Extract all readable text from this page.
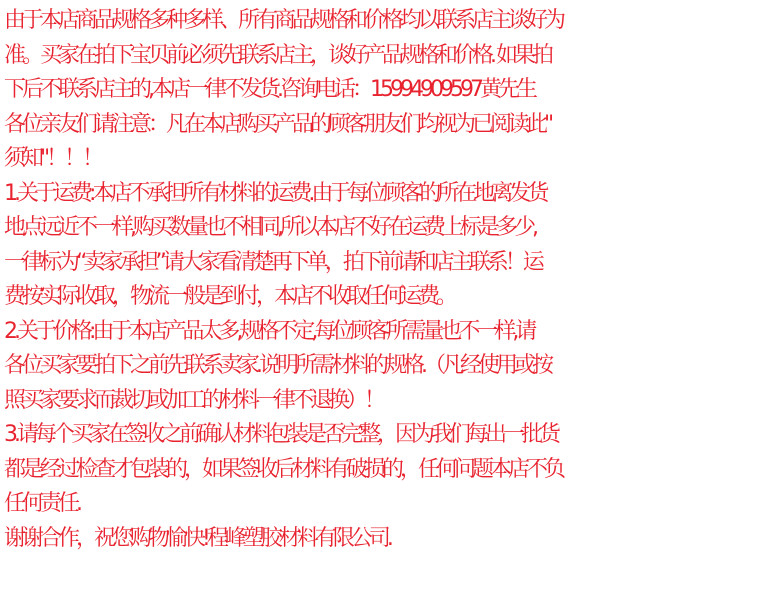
由于本店商品规格多种多样、所有商品规格和价格均以联系店主谈好为
准。买家在拍下宝贝前必须先联系店主，谈好产品规格和价格. 如果拍
下后不联系店主的,本店一律不发货.咨询电话：15994909597黄先生
各位亲友们请注意：凡在本店购买产品的顾客朋友们均视为已阅读此"
须知"！！！
1.关于运费:本店不承担所有材料的运费.由于每位顾客的所在地离发货
地点远近不一样,购买数量也不相同,所以本店不好在运费上标是多少,
一律标为“卖家承担”请大家看清楚再下单，拍下前请和店主联系！运
费按实际收取，物流一般是到付，本店不收取任何运费。
2.关于价格:由于本店产品太多,规格不定,每位顾客所需量也不一样,请
各位买家要拍下之前先联系卖家.说明所需材料的规格.（凡经使用或按
照买家要求而裁切或加工的材料一律不退换）！
3.请每个买家在签收之前确认材料包装是否完整，因为我们每出一批货
都是经过检查才包装的，如果签收后材料有破损的，任何问题本店不负
任何责任.
谢谢合作，祝您购物愉快!程峰塑胶材料有限公司.
